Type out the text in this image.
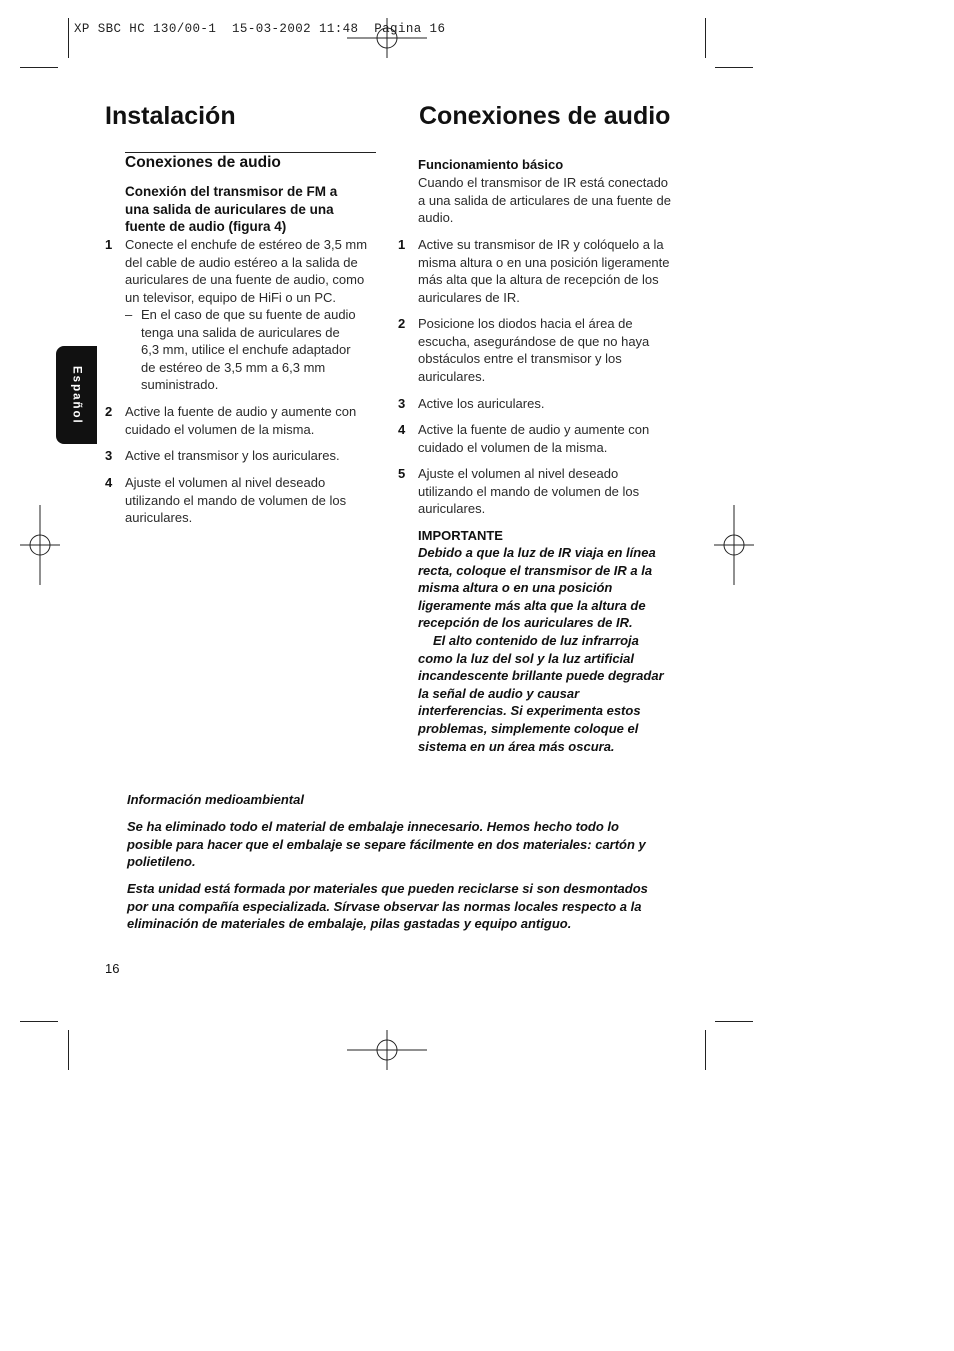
XP SBC HC 130/00-1  15-03-2002 11:48  Pagina 16
Instalación	Conexiones de audio
Español
Conexiones de audio

Conexión del transmisor de FM a

una salida de auriculares de una

fuente de audio (figura 4)

1 Conecte el enchufe de estéreo de 3,5 mm

del cable de audio estéreo a la salida de

auriculares de una fuente de audio, como

un televisor, equipo de HiFi o un PC.

– En el caso de que su fuente de audio

tenga una salida de auriculares de

6,3 mm, utilice el enchufe adaptador

de estéreo de 3,5 mm a 6,3 mm

suministrado.

2 Active la fuente de audio y aumente con

cuidado el volumen de la misma.

3 Active el transmisor y los auriculares.

4 Ajuste el volumen al nivel deseado

utilizando el mando de volumen de los

auriculares.

Funcionamiento básico

Cuando el transmisor de IR está conectado

a una salida de articulares de una fuente de

audio.

1 Active su transmisor de IR y colóquelo a la

misma altura o en una posición ligeramente

más alta que la altura de recepción de los

auriculares de IR.

2 Posicione los diodos hacia el área de

escucha, asegurándose de que no haya

obstáculos entre el transmisor y los

auriculares.

3 Active los auriculares.

4 Active la fuente de audio y aumente con

cuidado el volumen de la misma.

5 Ajuste el volumen al nivel deseado

utilizando el mando de volumen de los

auriculares.

IMPORTANTE

Debido a que la luz de IR viaja en línea

recta, coloque el transmisor de IR a la

misma altura o en una posición

ligeramente más alta que la altura de

recepción de los auriculares de IR.

El alto contenido de luz infrarroja

como la luz del sol y la luz artificial

incandescente brillante puede degradar

la señal de audio y causar

interferencias. Si experimenta estos

problemas, simplemente coloque el

sistema en un área más oscura.

Información medioambiental

Se ha eliminado todo el material de embalaje innecesario. Hemos hecho todo lo

posible para hacer que el embalaje se separe fácilmente en dos materiales: cartón y

polietileno.

Esta unidad está formada por materiales que pueden reciclarse si son desmontados

por una compañía especializada. Sírvase observar las normas locales respecto a la

eliminación de materiales de embalaje, pilas gastadas y equipo antiguo.

16
